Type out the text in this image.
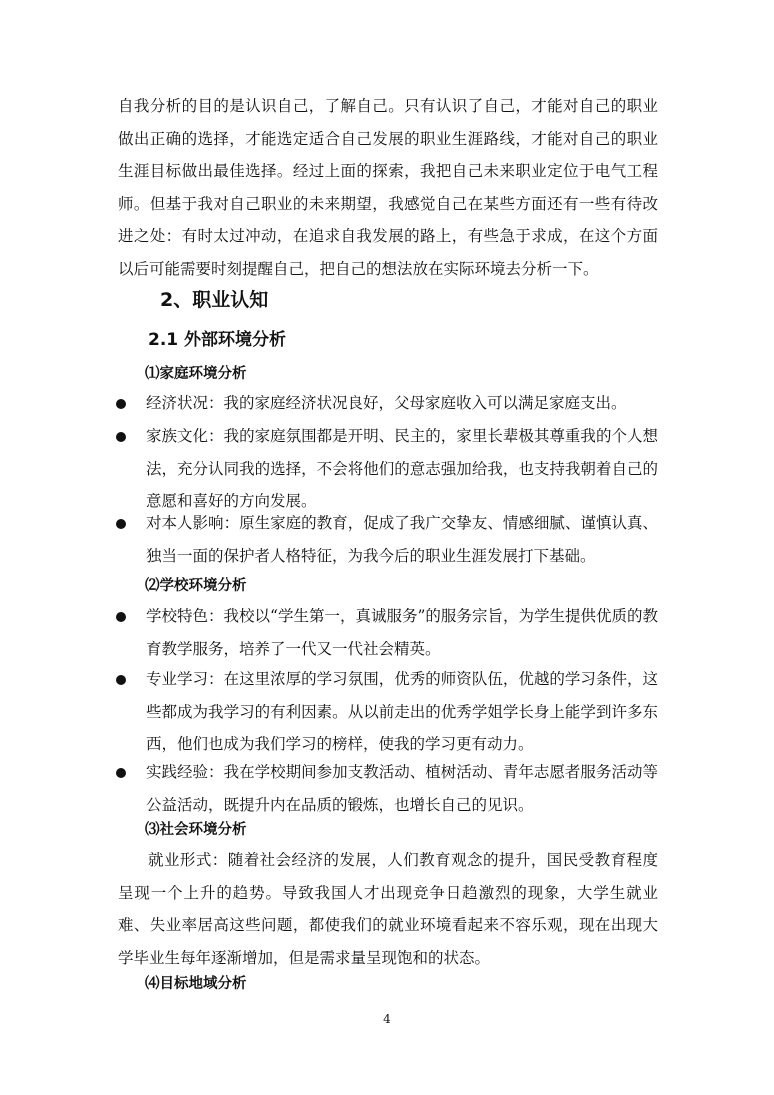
自我分析的目的是认识自己，了解自己。只有认识了自己，才能对自己的职业做出正确的选择，才能选定适合自己发展的职业生涯路线，才能对自己的职业生涯目标做出最佳选择。经过上面的探索，我把自己未来职业定位于电气工程师。但基于我对自己职业的未来期望，我感觉自己在某些方面还有一些有待改进之处：有时太过冲动，在追求自我发展的路上，有些急于求成，在这个方面以后可能需要时刻提醒自己，把自己的想法放在实际环境去分析一下。

2、职业认知
2.1 外部环境分析
⑴家庭环境分析

经济状况：我的家庭经济状况良好，父母家庭收入可以满足家庭支出。

家族文化：我的家庭氛围都是开明、民主的，家里长辈极其尊重我的个人想法，充分认同我的选择，不会将他们的意志强加给我，也支持我朝着自己的意愿和喜好的方向发展。

对本人影响：原生家庭的教育，促成了我广交挚友、情感细腻、谨慎认真、独当一面的保护者人格特征，为我今后的职业生涯发展打下基础。

⑵学校环境分析

学校特色：我校以“学生第一，真诚服务”的服务宗旨，为学生提供优质的教育教学服务，培养了一代又一代社会精英。

专业学习：在这里浓厚的学习氛围，优秀的师资队伍，优越的学习条件，这些都成为我学习的有利因素。从以前走出的优秀学姐学长身上能学到许多东西，他们也成为我们学习的榜样，使我的学习更有动力。

实践经验：我在学校期间参加支教活动、植树活动、青年志愿者服务活动等公益活动，既提升内在品质的锻炼，也增长自己的见识。

⑶社会环境分析

就业形式：随着社会经济的发展，人们教育观念的提升，国民受教育程度呈现一个上升的趋势。导致我国人才出现竞争日趋激烈的现象，大学生就业难、失业率居高这些问题，都使我们的就业环境看起来不容乐观，现在出现大学毕业生每年逐渐增加，但是需求量呈现饱和的状态。

⑷目标地域分析

4
